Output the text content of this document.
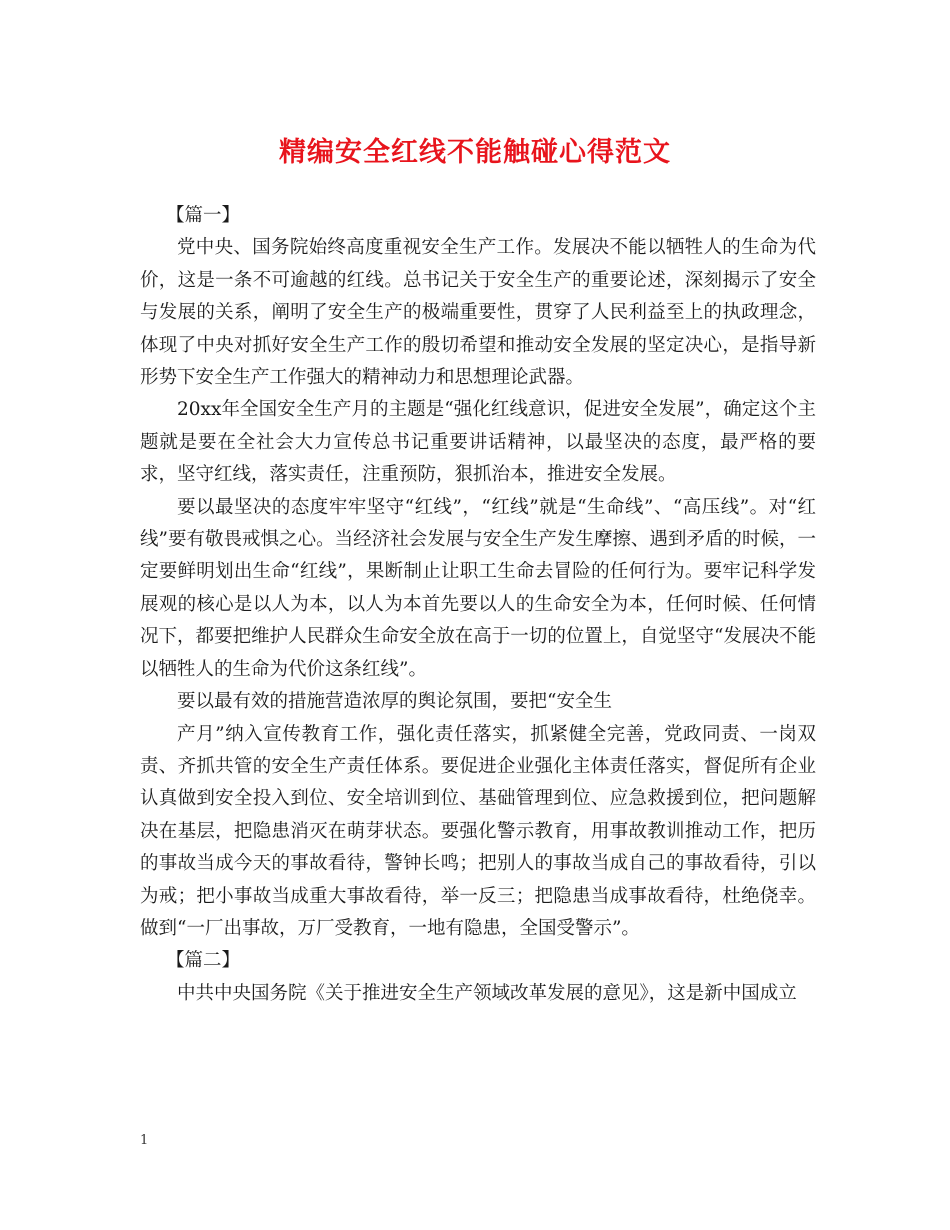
精编安全红线不能触碰心得范文

【篇一】

党中央、国务院始终高度重视安全生产工作。发展决不能以牺牲人的生命为代价，这是一条不可逾越的红线。总书记关于安全生产的重要论述，深刻揭示了安全与发展的关系，阐明了安全生产的极端重要性，贯穿了人民利益至上的执政理念，体现了中央对抓好安全生产工作的殷切希望和推动安全发展的坚定决心，是指导新形势下安全生产工作强大的精神动力和思想理论武器。

20xx年全国安全生产月的主题是“强化红线意识，促进安全发展”，确定这个主题就是要在全社会大力宣传总书记重要讲话精神，以最坚决的态度，最严格的要求，坚守红线，落实责任，注重预防，狠抓治本，推进安全发展。

要以最坚决的态度牢牢坚守“红线”，“红线”就是“生命线”、“高压线”。对“红线”要有敬畏戒惧之心。当经济社会发展与安全生产发生摩擦、遇到矛盾的时候，一定要鲜明划出生命“红线”，果断制止让职工生命去冒险的任何行为。要牢记科学发展观的核心是以人为本，以人为本首先要以人的生命安全为本，任何时候、任何情况下，都要把维护人民群众生命安全放在高于一切的位置上，自觉坚守“发展决不能以牺牲人的生命为代价这条红线”。

要以最有效的措施营造浓厚的舆论氛围，要把“安全生

产月”纳入宣传教育工作，强化责任落实，抓紧健全完善，党政同责、一岗双责、齐抓共管的安全生产责任体系。要促进企业强化主体责任落实，督促所有企业认真做到安全投入到位、安全培训到位、基础管理到位、应急救援到位，把问题解决在基层，把隐患消灭在萌芽状态。要强化警示教育，用事故教训推动工作，把历的事故当成今天的事故看待，警钟长鸣；把别人的事故当成自己的事故看待，引以为戒；把小事故当成重大事故看待，举一反三；把隐患当成事故看待，杜绝侥幸。做到“一厂出事故，万厂受教育，一地有隐患，全国受警示”。

【篇二】

中共中央国务院《关于推进安全生产领域改革发展的意见》，这是新中国成立

1
